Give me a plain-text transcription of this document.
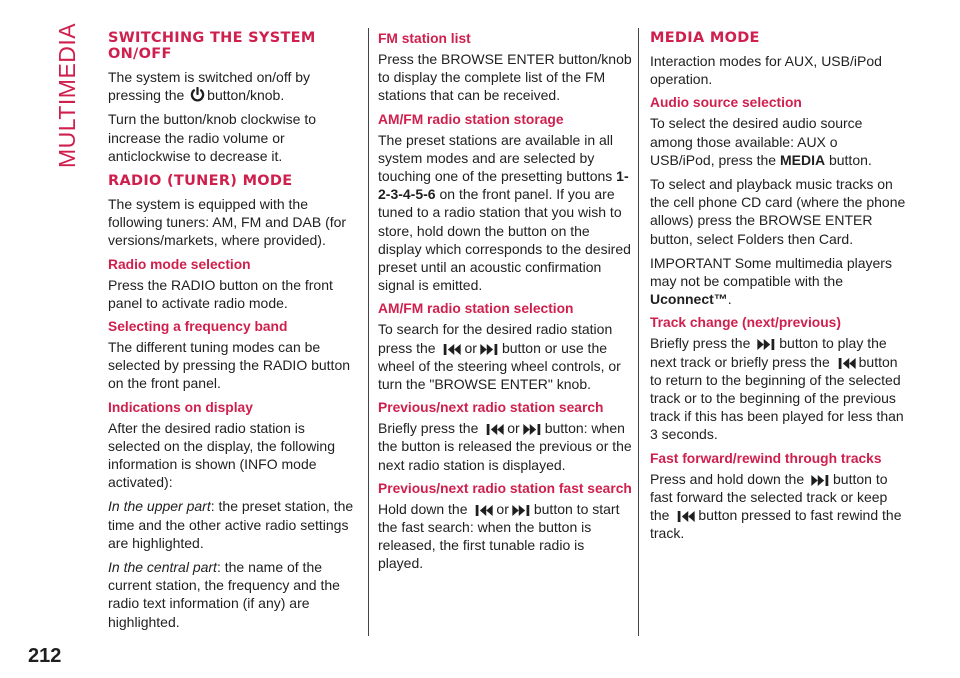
MULTIMEDIA
212
SWITCHING THE SYSTEM ON/OFF

The system is switched on/off by pressing the button/knob.

Turn the button/knob clockwise to increase the radio volume or anticlockwise to decrease it.

RADIO (TUNER) MODE

The system is equipped with the following tuners: AM, FM and DAB (for versions/markets, where provided).

Radio mode selection

Press the RADIO button on the front panel to activate radio mode.

Selecting a frequency band

The different tuning modes can be selected by pressing the RADIO button on the front panel.

Indications on display

After the desired radio station is selected on the display, the following information is shown (INFO mode activated):

In the upper part: the preset station, the time and the other active radio settings are highlighted.

In the central part: the name of the current station, the frequency and the radio text information (if any) are highlighted.

FM station list

Press the BROWSE ENTER button/knob to display the complete list of the FM stations that can be received.

AM/FM radio station storage

The preset stations are available in all system modes and are selected by touching one of the presetting buttons 1-2-3-4-5-6 on the front panel. If you are tuned to a radio station that you wish to store, hold down the button on the display which corresponds to the desired preset until an acoustic confirmation signal is emitted.

AM/FM radio station selection

To search for the desired radio station press the or button or use the wheel of the steering wheel controls, or turn the "BROWSE ENTER" knob.

Previous/next radio station search

Briefly press the or button: when the button is released the previous or the next radio station is displayed.

Previous/next radio station fast search

Hold down the or button to start the fast search: when the button is released, the first tunable radio is played.

MEDIA MODE

Interaction modes for AUX, USB/iPod operation.

Audio source selection

To select the desired audio source among those available: AUX o USB/iPod, press the MEDIA button.

To select and playback music tracks on the cell phone CD card (where the phone allows) press the BROWSE ENTER button, select Folders then Card.

IMPORTANT Some multimedia players may not be compatible with the Uconnect™.

Track change (next/previous)

Briefly press the button to play the next track or briefly press the button to return to the beginning of the selected track or to the beginning of the previous track if this has been played for less than 3 seconds.

Fast forward/rewind through tracks

Press and hold down the button to fast forward the selected track or keep the button pressed to fast rewind the track.
